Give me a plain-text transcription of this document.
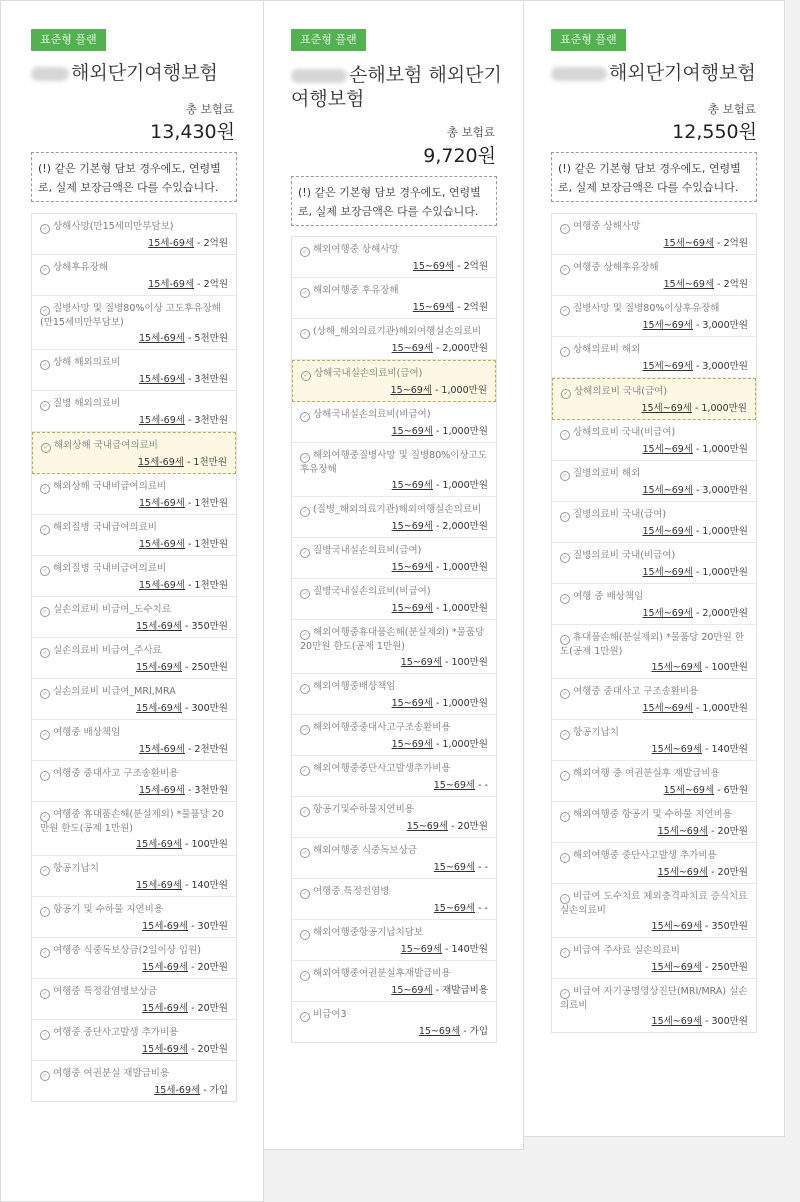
표준형 플랜
해외단기여행보험
총 보험료
13,430원
(!) 같은 기본형 담보 경우에도, 연령별로, 실제 보장금액은 다를 수있습니다.
✓ 상해사망(만15세미만부담보)
15세-69세 - 2억원
✓ 상해후유장해
15세-69세 - 2억원
✓ 질병사망 및 질병80%이상 고도후유장해 (만15세미만부담보)
15세-69세 - 5천만원
✓ 상해 해외의료비
15세-69세 - 3천만원
✓ 질병 해외의료비
15세-69세 - 3천만원
✓ 해외상해 국내급여의료비
15세-69세 - 1천만원
✓ 해외상해 국내비급여의료비
15세-69세 - 1천만원
✓ 해외질병 국내급여의료비
15세-69세 - 1천만원
✓ 해외질병 국내비급여의료비
15세-69세 - 1천만원
✓ 실손의료비 비급여_도수치료
15세-69세 - 350만원
✓ 실손의료비 비급여_주사료
15세-69세 - 250만원
✓ 실손의료비 비급여_MRI,MRA
15세-69세 - 300만원
✓ 여행중 배상책임
15세-69세 - 2천만원
✓ 여행중 중대사고 구조송환비용
15세-69세 - 3천만원
✓ 여행중 휴대품손해(분실제외) *물품당 20만원 한도(공제 1만원)
15세-69세 - 100만원
✓ 항공기납치
15세-69세 - 140만원
✓ 항공기 및 수하물 지연비용
15세-69세 - 30만원
✓ 여행중 식중독보상금(2일이상 입원)
15세-69세 - 20만원
✓ 여행중 특정감염병보상금
15세-69세 - 20만원
✓ 여행중 중단사고발생 추가비용
15세-69세 - 20만원
✓ 여행중 여권분실 재발급비용
15세-69세 - 가입
표준형 플랜
손해보험 해외단기여행보험
총 보험료
9,720원
(!) 같은 기본형 담보 경우에도, 연령별로, 실제 보장금액은 다를 수있습니다.
✓ 해외여행중 상해사망
15~69세 - 2억원
✓ 해외여행중 후유장해
15~69세 - 2억원
✓ (상해_해외의료기관)해외여행실손의료비
15~69세 - 2,000만원
✓ 상해국내실손의료비(급여)
15~69세 - 1,000만원
✓ 상해국내실손의료비(비급여)
15~69세 - 1,000만원
✓ 해외여행중질병사망 및 질병80%이상고도후유장해
15~69세 - 1,000만원
✓ (질병_해외의료기관)해외여행실손의료비
15~69세 - 2,000만원
✓ 질병국내실손의료비(급여)
15~69세 - 1,000만원
✓ 질병국내실손의료비(비급여)
15~69세 - 1,000만원
✓ 해외여행중휴대품손해(분실제외) *물품당 20만원 한도(공제 1만원)
15~69세 - 100만원
✓ 해외여행중배상책임
15~69세 - 1,000만원
✓ 해외여행중중대사고구조송환비용
15~69세 - 1,000만원
✓ 해외여행중중단사고발생추가비용
15~69세 - -
✓ 항공기및수하물지연비용
15~69세 - 20만원
✓ 해외여행중 식중독보상금
15~69세 - -
✓ 여행중 특정전염병
15~69세 - -
✓ 해외여행중항공기납치담보
15~69세 - 140만원
✓ 해외여행중여권분실후재발급비용
15~69세 - 재발급비용
✓ 비급여3
15~69세 - 가입
표준형 플랜
해외단기여행보험
총 보험료
12,550원
(!) 같은 기본형 담보 경우에도, 연령별로, 실제 보장금액은 다를 수있습니다.
✓ 여행중 상해사망
15세~69세 - 2억원
✓ 여행중 상해후유장해
15세~69세 - 2억원
✓ 질병사망 및 질병80%이상후유장해
15세~69세 - 3,000만원
✓ 상해의료비 해외
15세~69세 - 3,000만원
✓ 상해의료비 국내(급여)
15세~69세 - 1,000만원
✓ 상해의료비 국내(비급여)
15세~69세 - 1,000만원
✓ 질병의료비 해외
15세~69세 - 3,000만원
✓ 질병의료비 국내(급여)
15세~69세 - 1,000만원
✓ 질병의료비 국내(비급여)
15세~69세 - 1,000만원
✓ 여행 중 배상책임
15세~69세 - 2,000만원
✓ 휴대품손해(분실제외) *물품당 20만원 한도(공제 1만원)
15세~69세 - 100만원
✓ 여행중 중대사고 구조송환비용
15세~69세 - 1,000만원
✓ 항공기납치
15세~69세 - 140만원
✓ 해외여행 중 여권분실후 재발급비용
15세~69세 - 6만원
✓ 해외여행중 항공기 및 수하물 지연비용
15세~69세 - 20만원
✓ 해외여행중 중단사고발생 추가비용
15세~69세 - 20만원
✓ 비급여 도수치료 체외충격파치료 증식치료 실손의료비
15세~69세 - 350만원
✓ 비급여 주사료 실손의료비
15세~69세 - 250만원
✓ 비급여 자기공명영상진단(MRI/MRA) 실손의료비
15세~69세 - 300만원
